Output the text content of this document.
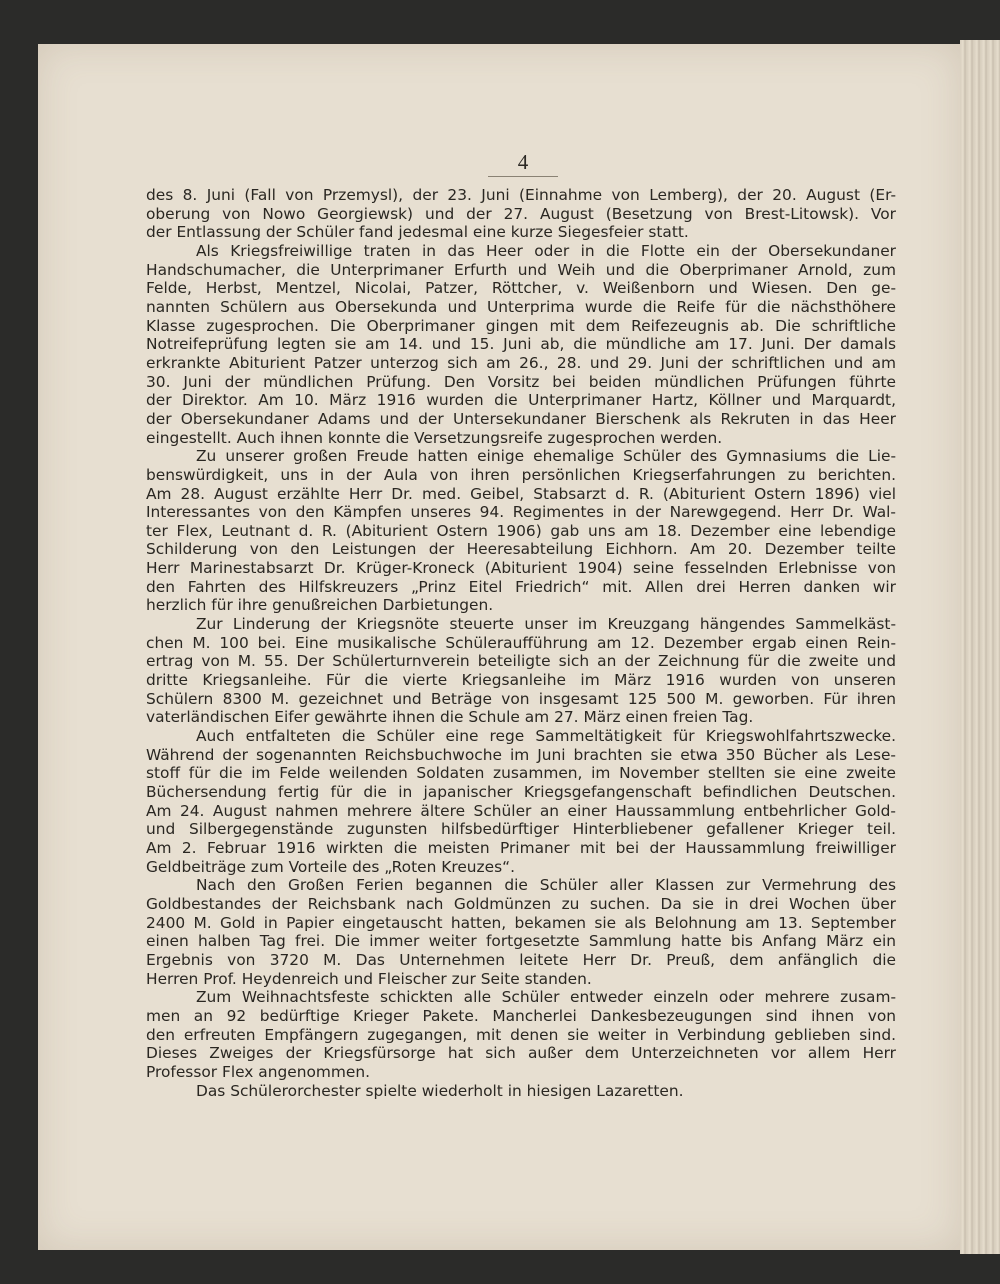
4
des 8. Juni (Fall von Przemysl), der 23. Juni (Einnahme von Lemberg), der 20. August (Er-
oberung von Nowo Georgiewsk) und der 27. August (Besetzung von Brest-Litowsk). Vor
der Entlassung der Schüler fand jedesmal eine kurze Siegesfeier statt.
Als Kriegsfreiwillige traten in das Heer oder in die Flotte ein der Obersekundaner
Handschumacher, die Unterprimaner Erfurth und Weih und die Oberprimaner Arnold, zum
Felde, Herbst, Mentzel, Nicolai, Patzer, Röttcher, v. Weißenborn und Wiesen. Den ge-
nannten Schülern aus Obersekunda und Unterprima wurde die Reife für die nächsthöhere
Klasse zugesprochen. Die Oberprimaner gingen mit dem Reifezeugnis ab. Die schriftliche
Notreifeprüfung legten sie am 14. und 15. Juni ab, die mündliche am 17. Juni. Der damals
erkrankte Abiturient Patzer unterzog sich am 26., 28. und 29. Juni der schriftlichen und am
30. Juni der mündlichen Prüfung. Den Vorsitz bei beiden mündlichen Prüfungen führte
der Direktor. Am 10. März 1916 wurden die Unterprimaner Hartz, Köllner und Marquardt,
der Obersekundaner Adams und der Untersekundaner Bierschenk als Rekruten in das Heer
eingestellt. Auch ihnen konnte die Versetzungsreife zugesprochen werden.
Zu unserer großen Freude hatten einige ehemalige Schüler des Gymnasiums die Lie-
benswürdigkeit, uns in der Aula von ihren persönlichen Kriegserfahrungen zu berichten.
Am 28. August erzählte Herr Dr. med. Geibel, Stabsarzt d. R. (Abiturient Ostern 1896) viel
Interessantes von den Kämpfen unseres 94. Regimentes in der Narewgegend. Herr Dr. Wal-
ter Flex, Leutnant d. R. (Abiturient Ostern 1906) gab uns am 18. Dezember eine lebendige
Schilderung von den Leistungen der Heeresabteilung Eichhorn. Am 20. Dezember teilte
Herr Marinestabsarzt Dr. Krüger-Kroneck (Abiturient 1904) seine fesselnden Erlebnisse von
den Fahrten des Hilfskreuzers „Prinz Eitel Friedrich“ mit. Allen drei Herren danken wir
herzlich für ihre genußreichen Darbietungen.
Zur Linderung der Kriegsnöte steuerte unser im Kreuzgang hängendes Sammelkäst-
chen M. 100 bei. Eine musikalische Schüleraufführung am 12. Dezember ergab einen Rein-
ertrag von M. 55. Der Schülerturnverein beteiligte sich an der Zeichnung für die zweite und
dritte Kriegsanleihe. Für die vierte Kriegsanleihe im März 1916 wurden von unseren
Schülern 8300 M. gezeichnet und Beträge von insgesamt 125 500 M. geworben. Für ihren
vaterländischen Eifer gewährte ihnen die Schule am 27. März einen freien Tag.
Auch entfalteten die Schüler eine rege Sammeltätigkeit für Kriegswohlfahrtszwecke.
Während der sogenannten Reichsbuchwoche im Juni brachten sie etwa 350 Bücher als Lese-
stoff für die im Felde weilenden Soldaten zusammen, im November stellten sie eine zweite
Büchersendung fertig für die in japanischer Kriegsgefangenschaft befindlichen Deutschen.
Am 24. August nahmen mehrere ältere Schüler an einer Haussammlung entbehrlicher Gold-
und Silbergegenstände zugunsten hilfsbedürftiger Hinterbliebener gefallener Krieger teil.
Am 2. Februar 1916 wirkten die meisten Primaner mit bei der Haussammlung freiwilliger
Geldbeiträge zum Vorteile des „Roten Kreuzes“.
Nach den Großen Ferien begannen die Schüler aller Klassen zur Vermehrung des
Goldbestandes der Reichsbank nach Goldmünzen zu suchen. Da sie in drei Wochen über
2400 M. Gold in Papier eingetauscht hatten, bekamen sie als Belohnung am 13. September
einen halben Tag frei. Die immer weiter fortgesetzte Sammlung hatte bis Anfang März ein
Ergebnis von 3720 M. Das Unternehmen leitete Herr Dr. Preuß, dem anfänglich die
Herren Prof. Heydenreich und Fleischer zur Seite standen.
Zum Weihnachtsfeste schickten alle Schüler entweder einzeln oder mehrere zusam-
men an 92 bedürftige Krieger Pakete. Mancherlei Dankesbezeugungen sind ihnen von
den erfreuten Empfängern zugegangen, mit denen sie weiter in Verbindung geblieben sind.
Dieses Zweiges der Kriegsfürsorge hat sich außer dem Unterzeichneten vor allem Herr
Professor Flex angenommen.
Das Schülerorchester spielte wiederholt in hiesigen Lazaretten.
